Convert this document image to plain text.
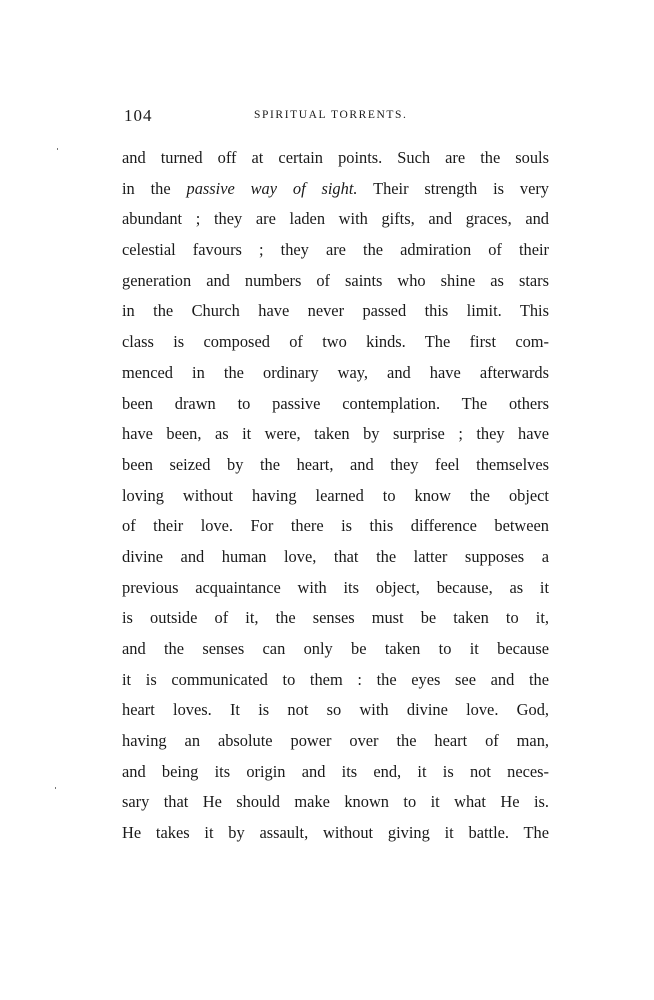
104	SPIRITUAL TORRENTS.
and turned off at certain points. Such are the souls
in the passive way of sight. Their strength is very
abundant ; they are laden with gifts, and graces, and
celestial favours ; they are the admiration of their
generation and numbers of saints who shine as stars
in the Church have never passed this limit. This
class is composed of two kinds. The first com-
menced in the ordinary way, and have afterwards
been drawn to passive contemplation. The others
have been, as it were, taken by surprise ; they have
been seized by the heart, and they feel themselves
loving without having learned to know the object
of their love. For there is this difference between
divine and human love, that the latter supposes a
previous acquaintance with its object, because, as it
is outside of it, the senses must be taken to it,
and the senses can only be taken to it because
it is communicated to them : the eyes see and the
heart loves. It is not so with divine love. God,
having an absolute power over the heart of man,
and being its origin and its end, it is not neces-
sary that He should make known to it what He is.
He takes it by assault, without giving it battle. The
